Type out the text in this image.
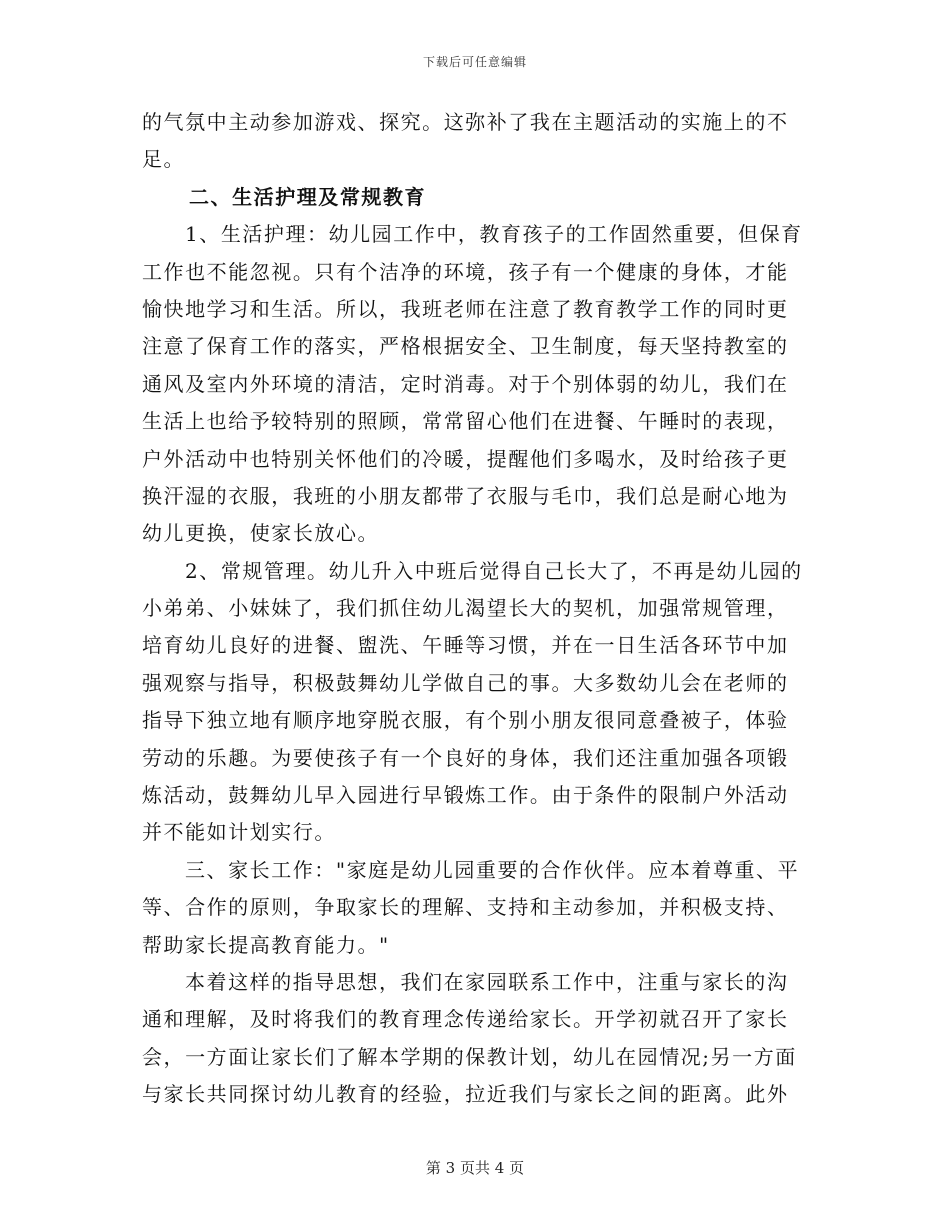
下载后可任意编辑
的气氛中主动参加游戏、探究。这弥补了我在主题活动的实施上的不
足。
二、生活护理及常规教育
1、生活护理：幼儿园工作中，教育孩子的工作固然重要，但保育
工作也不能忽视。只有个洁净的环境，孩子有一个健康的身体，才能
愉快地学习和生活。所以，我班老师在注意了教育教学工作的同时更
注意了保育工作的落实，严格根据安全、卫生制度，每天坚持教室的
通风及室内外环境的清洁，定时消毒。对于个别体弱的幼儿，我们在
生活上也给予较特别的照顾，常常留心他们在进餐、午睡时的表现，
户外活动中也特别关怀他们的冷暖，提醒他们多喝水，及时给孩子更
换汗湿的衣服，我班的小朋友都带了衣服与毛巾，我们总是耐心地为
幼儿更换，使家长放心。
2、常规管理。幼儿升入中班后觉得自己长大了，不再是幼儿园的
小弟弟、小妹妹了，我们抓住幼儿渴望长大的契机，加强常规管理，
培育幼儿良好的进餐、盥洗、午睡等习惯，并在一日生活各环节中加
强观察与指导，积极鼓舞幼儿学做自己的事。大多数幼儿会在老师的
指导下独立地有顺序地穿脱衣服，有个别小朋友很同意叠被子，体验
劳动的乐趣。为要使孩子有一个良好的身体，我们还注重加强各项锻
炼活动，鼓舞幼儿早入园进行早锻炼工作。由于条件的限制户外活动
并不能如计划实行。
三、家长工作："家庭是幼儿园重要的合作伙伴。应本着尊重、平
等、合作的原则，争取家长的理解、支持和主动参加，并积极支持、
帮助家长提高教育能力。"
本着这样的指导思想，我们在家园联系工作中，注重与家长的沟
通和理解，及时将我们的教育理念传递给家长。开学初就召开了家长
会，一方面让家长们了解本学期的保教计划，幼儿在园情况;另一方面
与家长共同探讨幼儿教育的经验，拉近我们与家长之间的距离。此外
第 3 页共 4 页
